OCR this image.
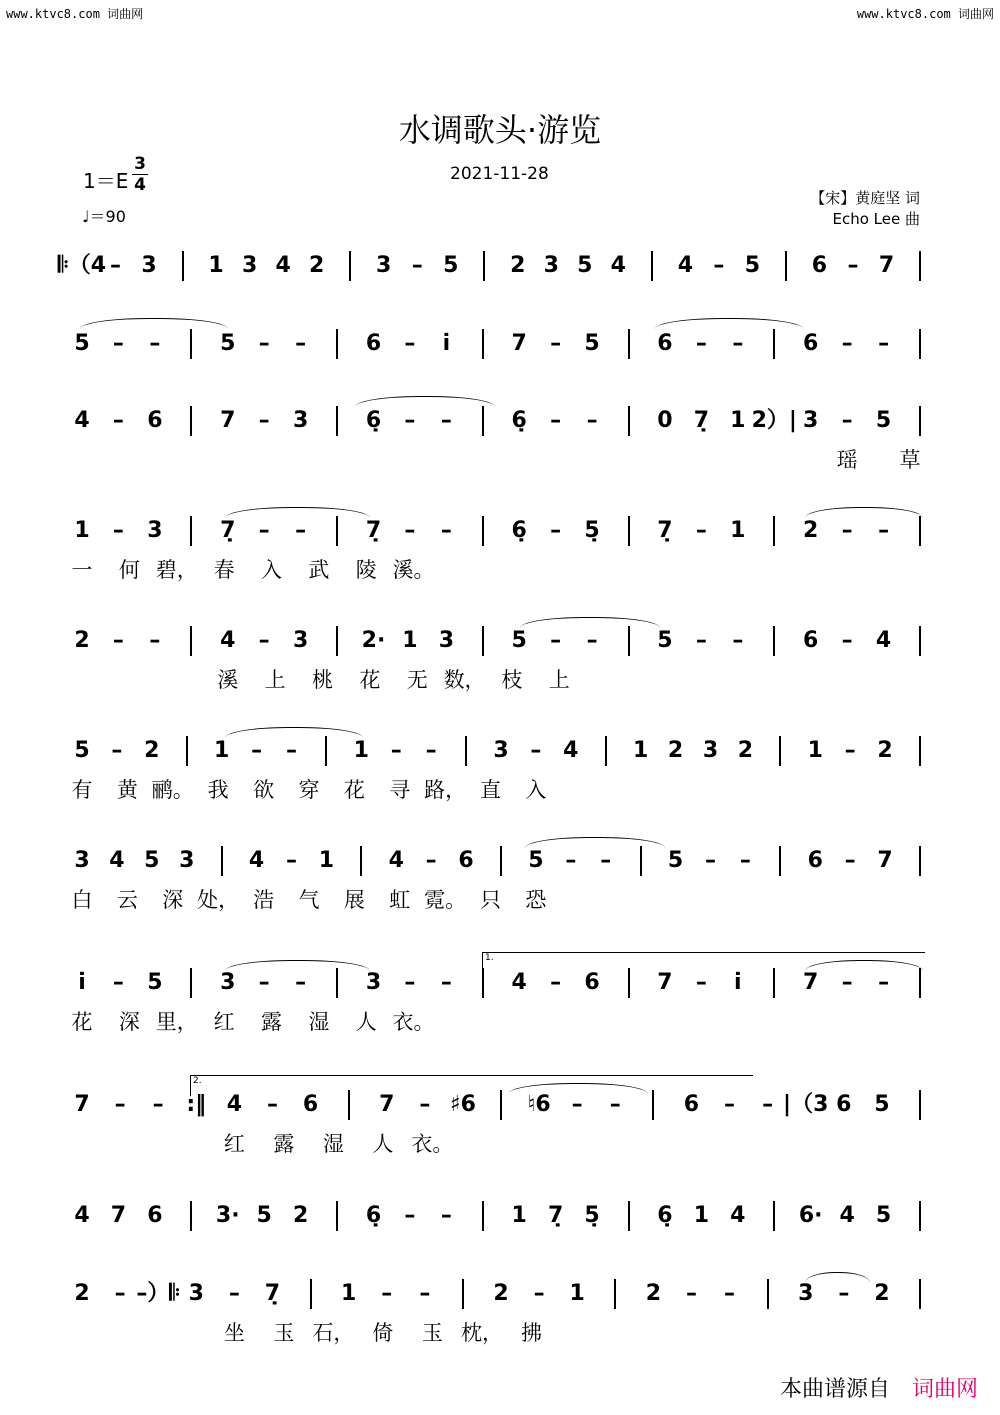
www.ktvc8.com 词曲网	www.ktvc8.com 词曲网
水调歌头·游览
2021-11-28
1＝E
3
4
♩＝90
【宋】黄庭坚 词
Echo Lee 曲
𝄆（4 – 3 1 3 4 2 3 – 5 2 3 5 4 4 – 5 6 – 7
5 – –	5 – –	6 – i̇	7 – 5	6 – –	6 – –
4 – 6	7 – 3	6̣ – –	6̣ – –	0 7̣ 1 2）| 3 – 5
瑶 草
1 – 3	7̣ – –	7̣ – –	6̣ – 5̣	7̣ – 1	2 – –
一 何 碧， 春 入 武 陵 溪。
2 – –	4 – 3 2· 1 3	5 – –	5 – –	6 – 4
溪 上 桃 花 无 数， 枝 上
5 – 2 1 – –	1 – –	3 – 4 1 2 3 2 1 – 2
有 黄 鹂。 我 欲 穿 花 寻 路， 直 入
3 4 5 3 4 – 1 4 – 6 5 – –	5 – –	6 – 7
白 云 深 处， 浩 气 展 虹 霓。 只 恐
i̇ – 5	3 – –	3 – –	4 – 6	7 – i̇	7 – –
花 深 里， 红 露 湿 人 衣。
7 – – :‖ 4 – 6	7 – ♯6 ♮6 – –	6 – – |（3 6 5
红 露 湿 人 衣。
4 7 6 3· 5 2	6̣ – –	1 7̣ 5̣	6̣ 1 4 6· 4 5
2 – –）𝄆 3 – 7̣	1 – –	2 – 1	2 – –	3 – 2
坐 玉 石， 倚 玉 枕， 拂
本曲谱源自 词曲网
1.
2.
